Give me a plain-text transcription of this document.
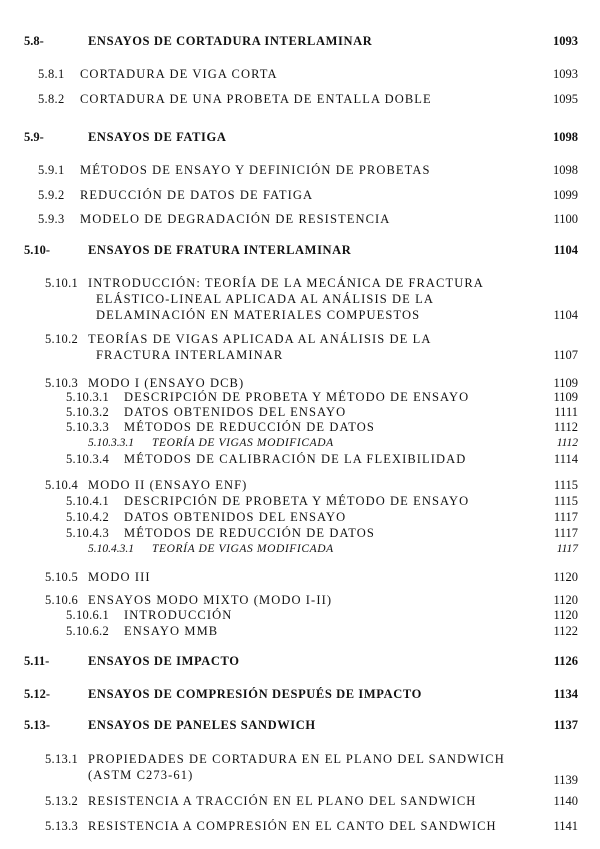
5.8-	ENSAYOS DE CORTADURA INTERLAMINAR	1093
5.8.1 CORTADURA DE VIGA CORTA	1093
5.8.2 CORTADURA DE UNA PROBETA DE ENTALLA DOBLE	1095
5.9-	ENSAYOS DE FATIGA	1098
5.9.1 MÉTODOS DE ENSAYO Y DEFINICIÓN DE PROBETAS	1098
5.9.2 REDUCCIÓN DE DATOS DE FATIGA	1099
5.9.3 MODELO DE DEGRADACIÓN DE RESISTENCIA	1100
5.10-	ENSAYOS DE FRATURA INTERLAMINAR	1104
5.10.1 INTRODUCCIÓN: TEORÍA DE LA MECÁNICA DE FRACTURA
ELÁSTICO-LINEAL APLICADA AL ANÁLISIS DE LA
DELAMINACIÓN EN MATERIALES COMPUESTOS	1104
5.10.2 TEORÍAS DE VIGAS APLICADA AL ANÁLISIS DE LA
FRACTURA INTERLAMINAR	1107
5.10.3 MODO I (ENSAYO DCB)	1109
5.10.3.1 DESCRIPCIÓN DE PROBETA Y MÉTODO DE ENSAYO	1109
5.10.3.2 DATOS OBTENIDOS DEL ENSAYO	1111
5.10.3.3 MÉTODOS DE REDUCCIÓN DE DATOS	1112
5.10.3.3.1 TEORÍA DE VIGAS MODIFICADA	1112
5.10.3.4 MÉTODOS DE CALIBRACIÓN DE LA FLEXIBILIDAD	1114
5.10.4 MODO II (ENSAYO ENF)	1115
5.10.4.1 DESCRIPCIÓN DE PROBETA Y MÉTODO DE ENSAYO	1115
5.10.4.2 DATOS OBTENIDOS DEL ENSAYO	1117
5.10.4.3 MÉTODOS DE REDUCCIÓN DE DATOS	1117
5.10.4.3.1 TEORÍA DE VIGAS MODIFICADA	1117
5.10.5 MODO III	1120
5.10.6 ENSAYOS MODO MIXTO (MODO I-II)	1120
5.10.6.1 INTRODUCCIÓN	1120
5.10.6.2 ENSAYO MMB	1122
5.11-	ENSAYOS DE IMPACTO	1126
5.12-	ENSAYOS DE COMPRESIÓN DESPUÉS DE IMPACTO	1134
5.13-	ENSAYOS DE PANELES SANDWICH	1137
5.13.1 PROPIEDADES DE CORTADURA EN EL PLANO DEL SANDWICH
(ASTM C273-61)	1139
5.13.2 RESISTENCIA A TRACCIÓN EN EL PLANO DEL SANDWICH	1140
5.13.3 RESISTENCIA A COMPRESIÓN EN EL CANTO DEL SANDWICH	1141
